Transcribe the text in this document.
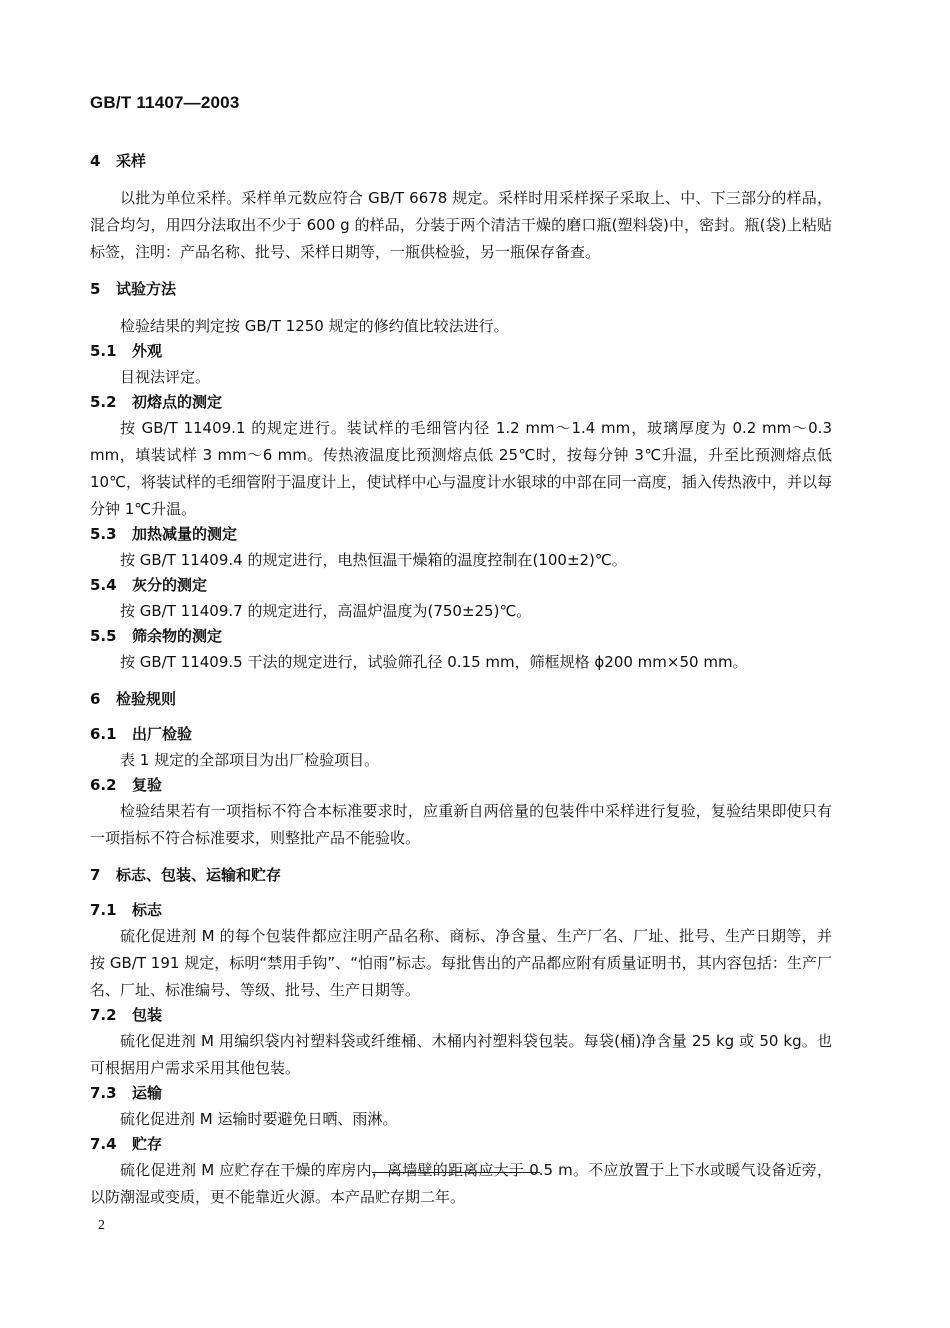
GB/T 11407—2003
4	采样

以批为单位采样。采样单元数应符合 GB/T 6678 规定。采样时用采样探子采取上、中、下三部分的样品，混合均匀，用四分法取出不少于 600 g 的样品，分装于两个清洁干燥的磨口瓶(塑料袋)中，密封。瓶(袋)上粘贴标签，注明：产品名称、批号、采样日期等，一瓶供检验，另一瓶保存备查。

5	试验方法

检验结果的判定按 GB/T 1250 规定的修约值比较法进行。

5.1	外观

目视法评定。

5.2	初熔点的测定

按 GB/T 11409.1 的规定进行。装试样的毛细管内径 1.2 mm～1.4 mm，玻璃厚度为 0.2 mm～0.3 mm，填装试样 3 mm～6 mm。传热液温度比预测熔点低 25℃时，按每分钟 3℃升温，升至比预测熔点低 10℃，将装试样的毛细管附于温度计上，使试样中心与温度计水银球的中部在同一高度，插入传热液中，并以每分钟 1℃升温。

5.3	加热减量的测定

按 GB/T 11409.4 的规定进行，电热恒温干燥箱的温度控制在(100±2)℃。

5.4	灰分的测定

按 GB/T 11409.7 的规定进行，高温炉温度为(750±25)℃。

5.5	筛余物的测定

按 GB/T 11409.5 干法的规定进行，试验筛孔径 0.15 mm，筛框规格 ϕ200 mm×50 mm。

6	检验规则
6.1	出厂检验

表 1 规定的全部项目为出厂检验项目。

6.2	复验

检验结果若有一项指标不符合本标准要求时，应重新自两倍量的包装件中采样进行复验，复验结果即使只有一项指标不符合标准要求，则整批产品不能验收。

7	标志、包装、运输和贮存
7.1	标志

硫化促进剂 M 的每个包装件都应注明产品名称、商标、净含量、生产厂名、厂址、批号、生产日期等，并按 GB/T 191 规定，标明“禁用手钩”、“怕雨”标志。每批售出的产品都应附有质量证明书，其内容包括：生产厂名、厂址、标准编号、等级、批号、生产日期等。

7.2	包装

硫化促进剂 M 用编织袋内衬塑料袋或纤维桶、木桶内衬塑料袋包装。每袋(桶)净含量 25 kg 或 50 kg。也可根据用户需求采用其他包装。

7.3	运输

硫化促进剂 M 运输时要避免日晒、雨淋。

7.4	贮存

硫化促进剂 M 应贮存在干燥的库房内，离墙壁的距离应大于 0.5 m。不应放置于上下水或暖气设备近旁，以防潮湿或变质，更不能靠近火源。本产品贮存期二年。

2
